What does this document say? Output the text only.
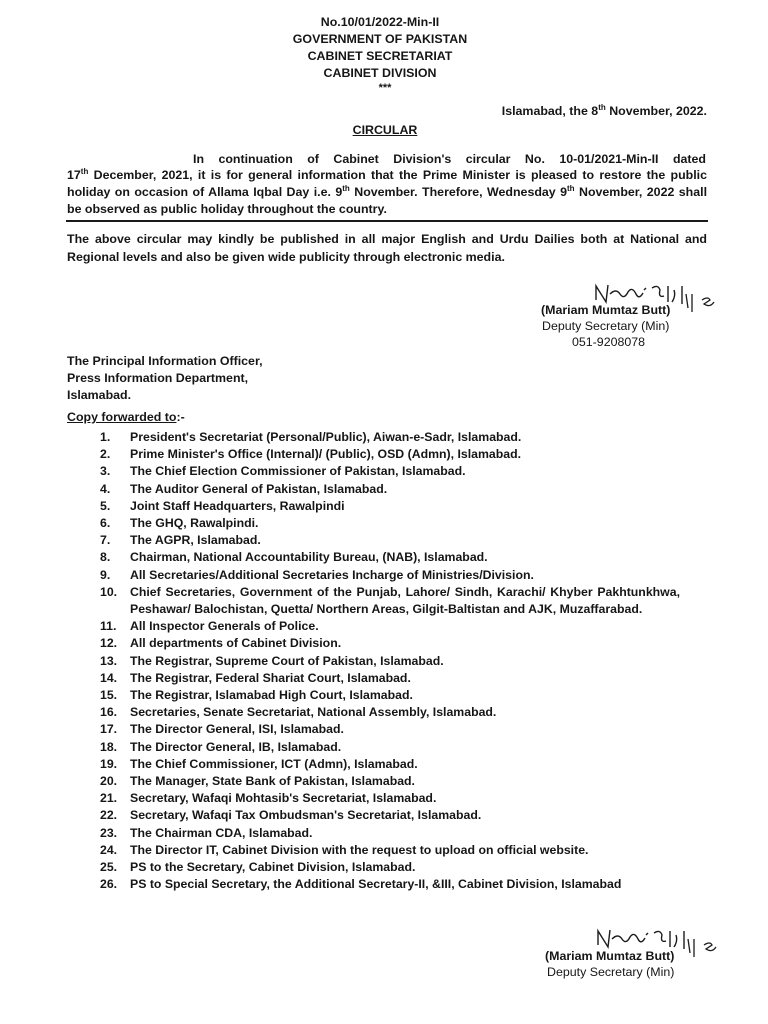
No.10/01/2022-Min-II
GOVERNMENT OF PAKISTAN
CABINET SECRETARIAT
CABINET DIVISION
***
Islamabad, the 8th November, 2022.
CIRCULAR
In continuation of Cabinet Division's circular No. 10-01/2021-Min-II dated
17th December, 2021, it is for general information that the Prime Minister is pleased to restore the public holiday on occasion of Allama Iqbal Day i.e. 9th November. Therefore, Wednesday 9th November, 2022 shall be observed as public holiday throughout the country.
The above circular may kindly be published in all major English and Urdu Dailies both at National and Regional levels and also be given wide publicity through electronic media.
(Mariam Mumtaz Butt)
Deputy Secretary (Min)
051-9208078
The Principal Information Officer,
Press Information Department,
Islamabad.
Copy forwarded to:-
1.	President's Secretariat (Personal/Public), Aiwan-e-Sadr, Islamabad.
2.	Prime Minister's Office (Internal)/ (Public), OSD (Admn), Islamabad.
3.	The Chief Election Commissioner of Pakistan, Islamabad.
4.	The Auditor General of Pakistan, Islamabad.
5.	Joint Staff Headquarters, Rawalpindi
6.	The GHQ, Rawalpindi.
7.	The AGPR, Islamabad.
8.	Chairman, National Accountability Bureau, (NAB), Islamabad.
9.	All Secretaries/Additional Secretaries Incharge of Ministries/Division.
10.	Chief Secretaries, Government of the Punjab, Lahore/ Sindh, Karachi/ Khyber Pakhtunkhwa, Peshawar/ Balochistan, Quetta/ Northern Areas, Gilgit-Baltistan and AJK, Muzaffarabad.
11.	All Inspector Generals of Police.
12.	All departments of Cabinet Division.
13.	The Registrar, Supreme Court of Pakistan, Islamabad.
14.	The Registrar, Federal Shariat Court, Islamabad.
15.	The Registrar, Islamabad High Court, Islamabad.
16.	Secretaries, Senate Secretariat, National Assembly, Islamabad.
17.	The Director General, ISI, Islamabad.
18.	The Director General, IB, Islamabad.
19.	The Chief Commissioner, ICT (Admn), Islamabad.
20.	The Manager, State Bank of Pakistan, Islamabad.
21.	Secretary, Wafaqi Mohtasib's Secretariat, Islamabad.
22.	Secretary, Wafaqi Tax Ombudsman's Secretariat, Islamabad.
23.	The Chairman CDA, Islamabad.
24.	The Director IT, Cabinet Division with the request to upload on official website.
25.	PS to the Secretary, Cabinet Division, Islamabad.
26.	PS to Special Secretary, the Additional Secretary-II, &III, Cabinet Division, Islamabad
(Mariam Mumtaz Butt)
Deputy Secretary (Min)
